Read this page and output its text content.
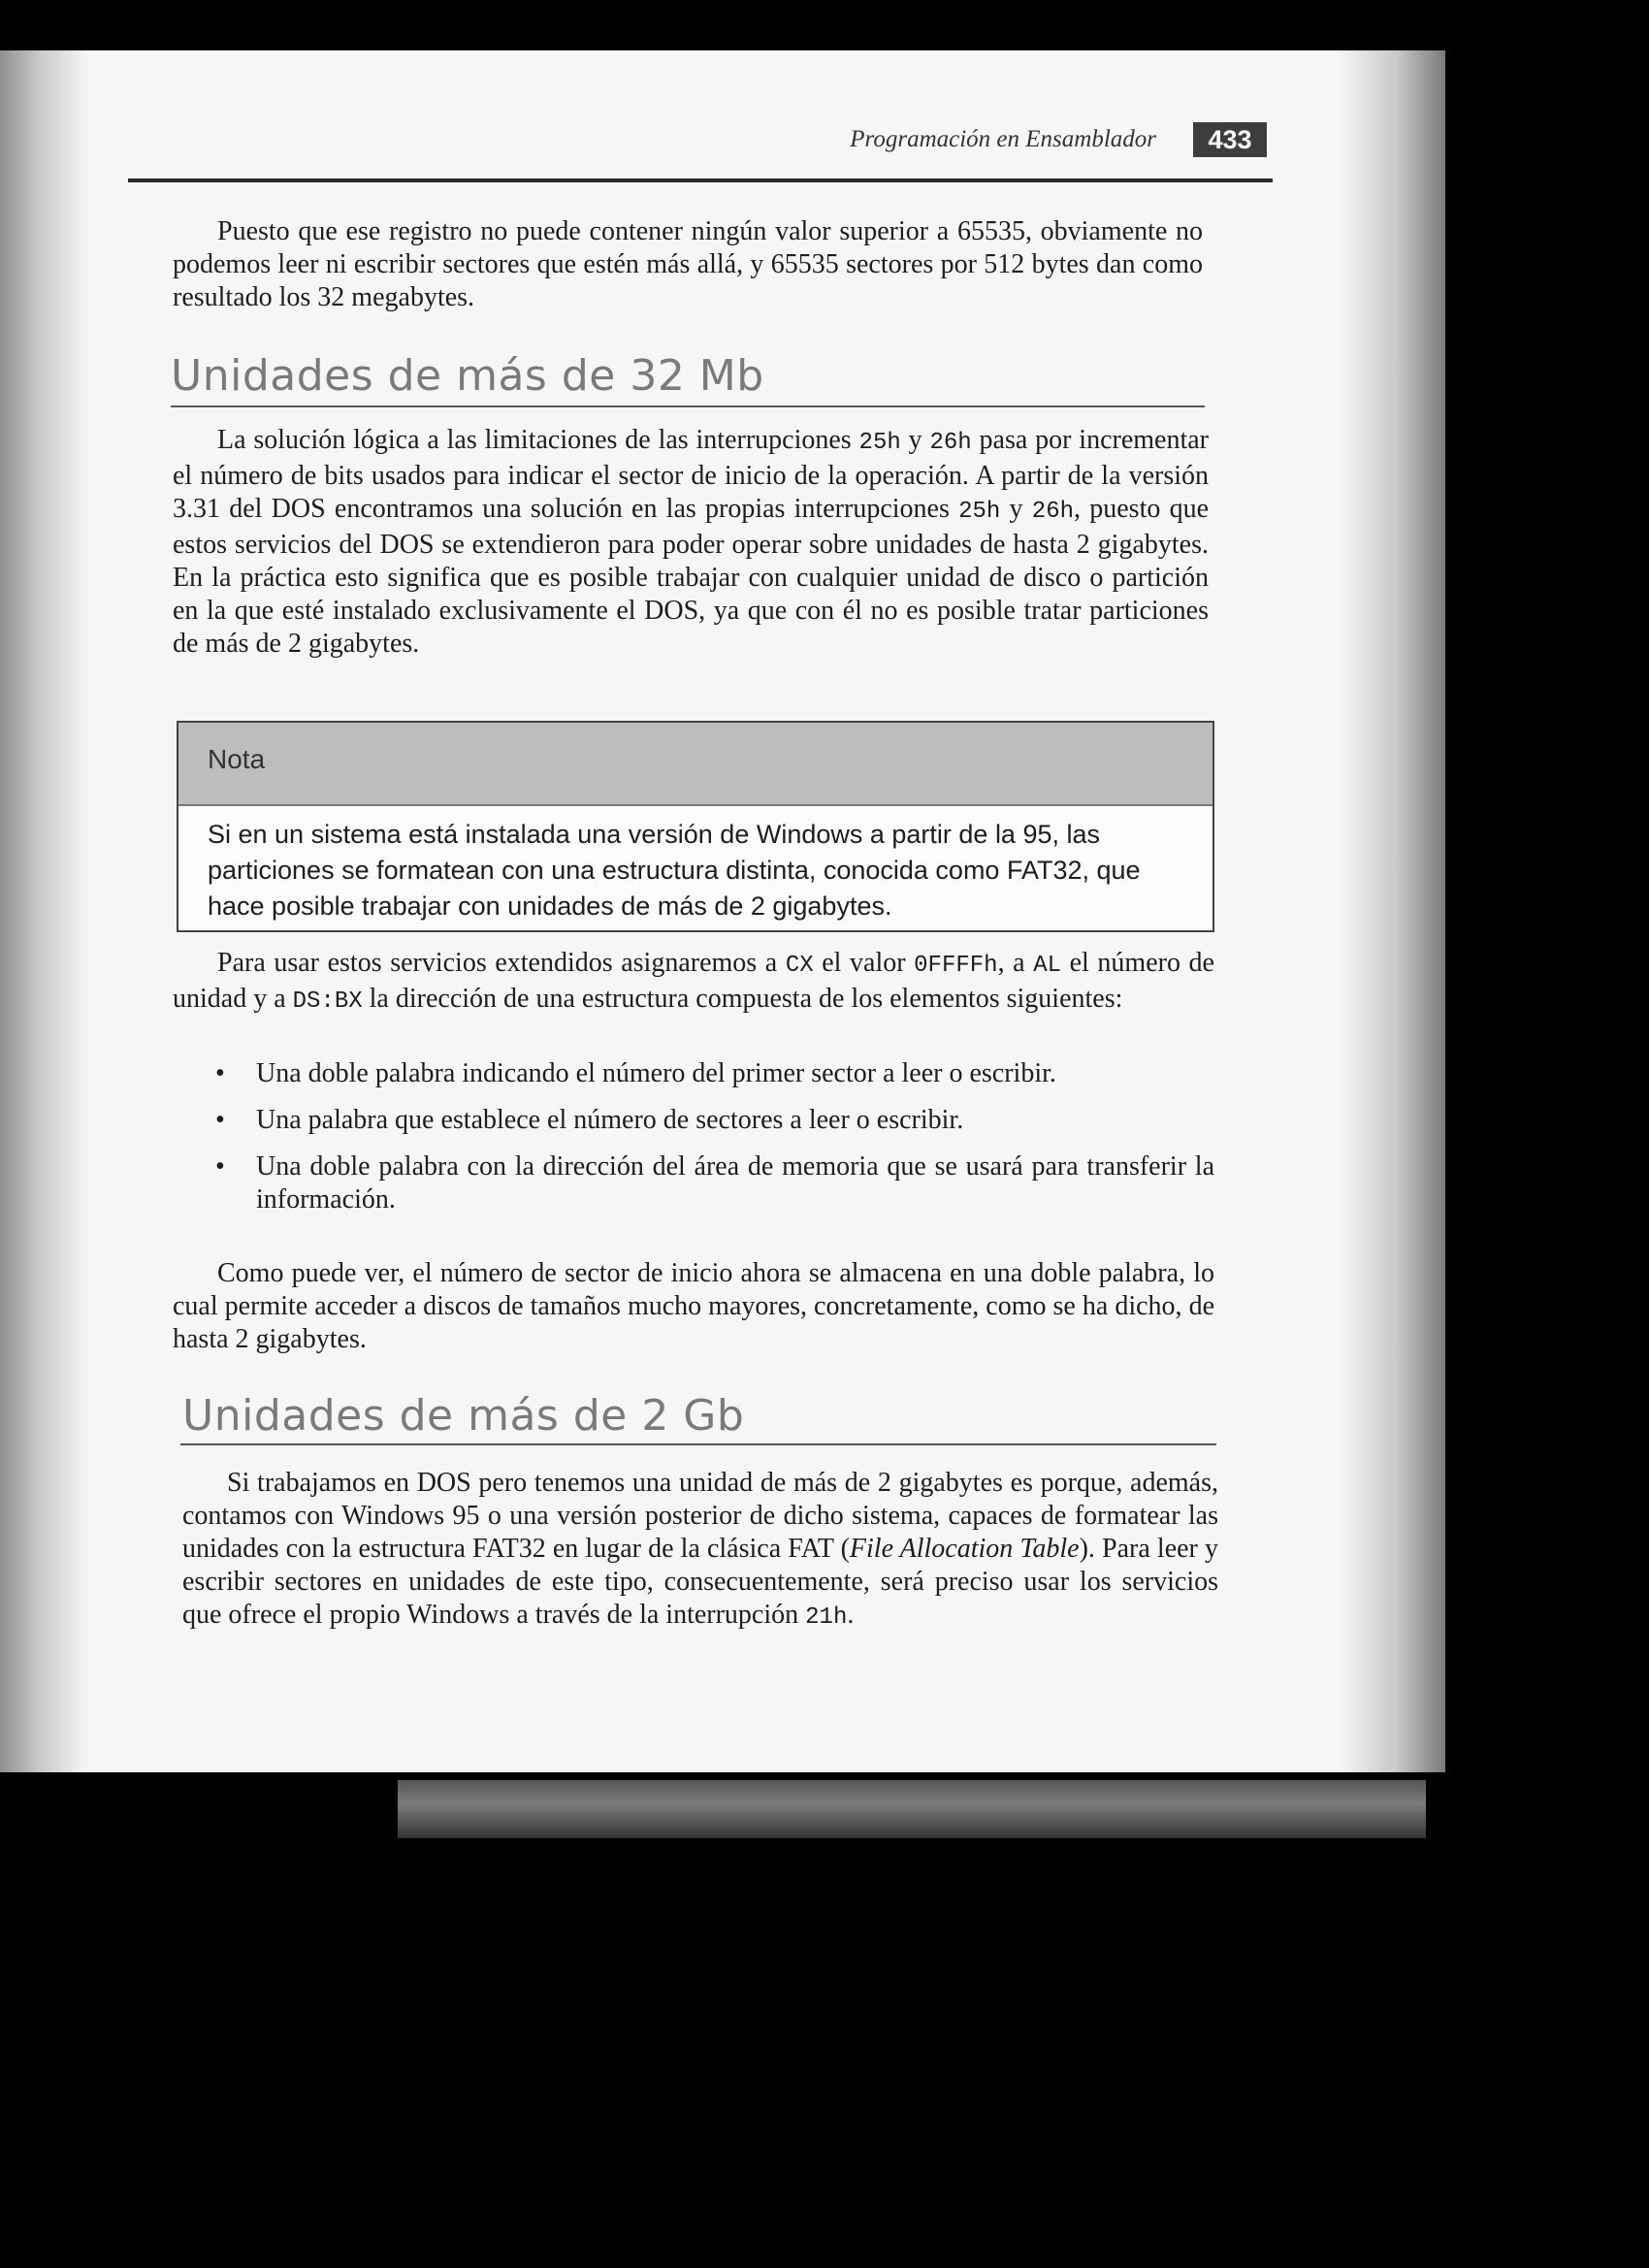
Programación en Ensamblador	433

Puesto que ese registro no puede contener ningún valor superior a 65535, obviamente no podemos leer ni escribir sectores que estén más allá, y 65535 sectores por 512 bytes dan como resultado los 32 megabytes.

Unidades de más de 32 Mb

La solución lógica a las limitaciones de las interrupciones 25h y 26h pasa por incrementar el número de bits usados para indicar el sector de inicio de la operación. A partir de la versión 3.31 del DOS encontramos una solución en las propias interrupciones 25h y 26h, puesto que estos servicios del DOS se extendieron para poder operar sobre unidades de hasta 2 gigabytes. En la práctica esto significa que es posible trabajar con cualquier unidad de disco o partición en la que esté instalado exclusivamente el DOS, ya que con él no es posible tratar particiones de más de 2 gigabytes.

Nota

Si en un sistema está instalada una versión de Windows a partir de la 95, las particiones se formatean con una estructura distinta, conocida como FAT32, que hace posible trabajar con unidades de más de 2 gigabytes.

Para usar estos servicios extendidos asignaremos a CX el valor 0FFFFh, a AL el número de unidad y a DS:BX la dirección de una estructura compuesta de los elementos siguientes:

• Una doble palabra indicando el número del primer sector a leer o escribir.
• Una palabra que establece el número de sectores a leer o escribir.
• Una doble palabra con la dirección del área de memoria que se usará para transferir la información.

Como puede ver, el número de sector de inicio ahora se almacena en una doble palabra, lo cual permite acceder a discos de tamaños mucho mayores, concretamente, como se ha dicho, de hasta 2 gigabytes.

Unidades de más de 2 Gb

Si trabajamos en DOS pero tenemos una unidad de más de 2 gigabytes es porque, además, contamos con Windows 95 o una versión posterior de dicho sistema, capaces de formatear las unidades con la estructura FAT32 en lugar de la clásica FAT (File Allocation Table). Para leer y escribir sectores en unidades de este tipo, consecuentemente, será preciso usar los servicios que ofrece el propio Windows a través de la interrupción 21h.
